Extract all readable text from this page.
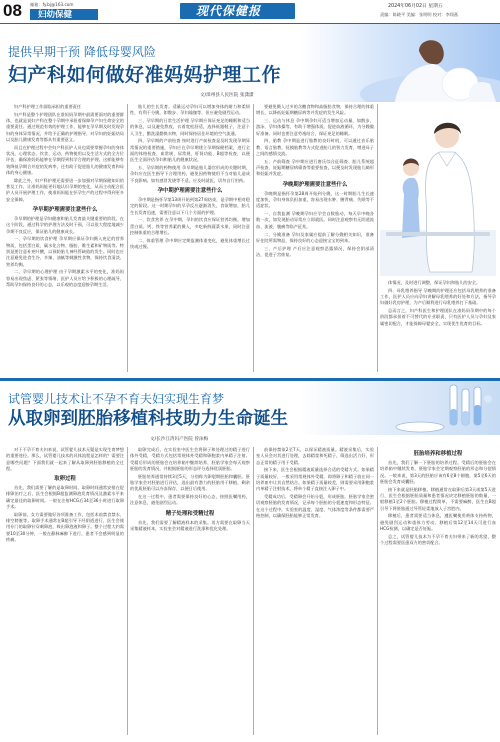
08 邮箱：fy.bj@163.com
妇幼保健	现代保健报	2024年06月02日 星期五
责编：陈晓平 美编：张明明 校对：李翔燕
提供早期干预 降低母婴风险
妇产科如何做好准妈妈护理工作
文/漳州县人民医院 张潇潇

妇产科护理工作面临承担的重要责任

妇产科是整个护理团队在准妈妈孕期中最需要面对的重要群体，也就是说妇产科在整个孕期中承担着保障孕产妇生命安全的重要责任。通过规范有效的护理工作，能够在孕早期及时发现孕妇的身体异常情况，并给予正确的护理指导，对孕妇的妊娠结局以及胎儿健康发育等都具有重要意义。

而且在护理过程中会妇产科医护人员也需要掌握孕妇的身体状况、心理状态、饮食、运动、药物使用以及生活方式的全方位评估，确保准妈妈能够在孕期得到科学合理的护理。这样能够有效降低孕期合并症的发病率，还有助于促进胎儿的健康发育和母体的身心健康。

除此之外，妇产科护理还需要进一步加强对孕期保健知识的普及工作，让准妈妈能更好地认识孕期的变化，从而主动配合医护人员开展护理工作，使准妈妈能在怀孕生产的过程中得到更多安全保障。

孕早期护理需要注意些什么

孕早期的护理是孕妇健康和胎儿发育最关键重要的阶段。在这个阶段，通过科学的护理方法及时干预，可以很大程度地减少孕期不良反应，保证胎儿的健康成长。

一、孕早期的饮食护理 孕早期应保证孕妇摄入充足的营养物质，包括蛋白质、碳水化合物、脂肪、维生素和矿物质等。特别是要注意补充叶酸，以预防胎儿神经管缺陷的发生。同时也应注意避免进食生冷、辛辣、油腻等刺激性食物，保持饮食清淡、营养均衡。

二、孕早期的心理护理 由于孕期激素水平的变化，准妈妈容易出现焦虑、紧张等情绪，医护人员应给予积极的心理疏导，帮助孕妇保持良好的心态，以乐观的态度迎接孕期生活。

胎儿的生长发育。适量运动孕妇可以增加身体的耐力和柔韧性，有利于分娩，如散步、孕妇瑜伽等，但应避免剧烈运动。

三、孕早期的日常生活护理 孕早期应保证充足的睡眠和适当的休息，以及避免熬夜，衣着宽松舒适，选择低跟鞋子，注意个人卫生，勤洗澡勤换衣物，同时保持居住环境的空气流通。

四、孕早期的产前检查 按时进行产前检查是及时发现孕期异常情况的重要措施，孕妇应在孕早期建立孕期保健档案，进行全面的体格检查、血常规、尿常规、肝肾功能、B超等检查，以便医生全面评估孕妇和胎儿的健康状况。

五、孕早期的药物使用 孕早期是胎儿器官形成的关键时期，孕妇应在医生指导下合理用药，避免因药物使用不当对胎儿造成不良影响。如有感冒发烧等不适，应及时就医，切勿自行用药。

孕中期护理需要注意些什么

孕中期是指怀孕第13周开始到第27周结束，是孕期中相对稳定的阶段。这一时期孕妇的早孕反应逐渐消失，食欲增加，胎儿生长发育迅速，需要注意以下几个方面的护理。

一、饮食营养 在孕中期，孕妇的饮食应保证营养均衡，增加蛋白质、钙、铁等营养素的摄入，多吃新鲜蔬菜水果，同时注意控制体重的合理增长。

二、体重管理 孕中期应定期监测体重变化，避免体重增长过快或过慢。

要避免摄入过多的含糖食物和高脂肪食物，保持合理的体重增长，以降低妊娠期糖尿病等并发症的发生风险。

三、运动与休息 孕中期孕妇可适当增加运动量，如散步、游泳、孕妇体操等，有助于增强体质，促进血液循环，为分娩做好准备。同时也要注意劳逸结合，保证充足的睡眠。

四、胎教 孕中期是进行胎教的良好时机，可以通过音乐胎教、语言胎教、抚摸胎教等方式促进胎儿的智力发育，增进母子之间的感情交流。

五、产前筛查 孕中期应进行唐氏综合征筛查、胎儿系统超声检查、妊娠期糖尿病筛查等重要检查，以便及时发现胎儿畸形和妊娠并发症。

孕晚期护理需要注意些什么

孕晚期是指怀孕第28周开始到分娩，这一时期胎儿生长速度加快，孕妇身体负担加重，容易出现水肿、腰背痛、失眠等不适症状。

一、自我监测 孕晚期孕妇应学会自数胎动，每天早中晚各数一次，如发现胎动异常应立即就医。同时注意观察有无阴道流血、流液、腹痛等临产征兆。

二、分娩准备 孕妇及家属应提前了解分娩相关知识，准备好住院所需物品，保持良好的心态迎接宝宝的到来。

三、产后护理 产后应注意观察恶露情况，保持会阴部清洁，促进子宫恢复。

体情况，及时进行调整，保证孕妇和胎儿的安全。

四、母乳喂养指导 孕晚期的护理还应包括母乳喂养的准备工作，医护人员应向孕妇讲解母乳喂养的好处和方法，指导孕妇做好乳房护理，为产后顺利进行母乳喂养打下基础。

总而言之，妇产科医生和护理团队在准妈妈孕期中的每个阶段都承担着不可替代的专业职责，只有医护人员与孕妇及家属密切配合，才能保障母婴安全，实现优生优育的目标。

试管婴儿技术让不孕不育夫妇实现生育梦
从取卵到胚胎移植科技助力生命诞生
文/长沙江湾妇产医院 曾泳梅

对于不孕不育夫妇来说，试管婴儿技术无疑是实现生育梦想的重要途径。那么，试管婴儿技术的具体流程是怎样的？需要注意哪些问题？下面我们就一起来了解从取卵到胚胎移植的全过程。

取卵过程

首先，我们需要了解的是取卵时间。取卵时间通常安排在促排卵治疗之后，医生会根据B超监测卵泡发育情况及激素水平来确定最佳的取卵时间。一般在注射HCG后34至36小时进行取卵手术。

取卵前，女方需要做好各项准备工作，包括术前禁食禁水、排空膀胱等。取卵手术通常在B超引导下经阴道进行，医生会使用专门的取卵针穿刺卵泡，吸出卵泡液和卵子。整个过程大约需要10至30分钟，一般在静脉麻醉下进行，患者不会感到明显的疼痛。

取卵完成后，在实验室中医生会将卵子和处理过的精子进行体外受精，受精方式包括常规体外受精和卵胞浆内单精子注射。受精后形成的胚胎会在培养箱中继续培养，胚胎学家会每天观察胚胎的发育情况，并根据胚胎的形态评分选择优质胚胎。

胚胎培养通常持续3至5天，分别称为卵裂期胚胎和囊胚。胚胎学家会对胚胎进行评估，选出最有潜力的胚胎用于移植，剩余的优质胚胎可以冷冻保存，以便日后使用。

在这一过程中，患者需要保持良好的心态，按照医嘱用药，注意休息，避免剧烈运动。

精子处理和受精过程

首先，我们需要了解精液样本的采集。男方需要在取卵当天采集精液样本，实验室会对精液进行洗涤和优化处理。

前保持禁欲2至7天，以保证精液质量。精液采集后，实验室人员会对其进行处理，去除精浆和死精子，筛选出活力好、形态正常的精子用于受精。

接下来，医生会根据精液质量选择合适的受精方式。如果精子质量较好，一般采用常规体外受精，即将卵子和精子放在同一培养皿中让其自然结合。如果精子质量较差，则需要采用卵胞浆内单精子注射技术，将单个精子直接注入卵子中。

受精成功后，受精卵会开始分裂，形成胚胎。胚胎学家会密切观察胚胎的发育情况，记录每个胚胎的分裂速度和形态特征。在这个过程中，实验室的温度、湿度、气体浓度等条件都需要严格控制，以确保胚胎能够正常发育。

胚胎培养和移植过程

首先，我们了解一下胚胎的培养过程。受精后的胚胎会在培养箱中继续发育，胚胎学家会定期观察胚胎的形态和分裂情况。一般来说，第3天的胚胎应该有6至8个细胞，第5至6天的胚胎会发育成囊胚。

接下来就是胚胎移植。移植通常在取卵后第3天或第5天进行，医生会根据胚胎质量和患者情况决定移植胚胎的数量，一般移植1至2个胚胎。移植过程简单，不需要麻醉，医生在B超引导下将胚胎通过导管轻柔地放入子宫腔内。

移植后，患者需要适当休息，遵医嘱使用黄体支持药物，避免剧烈运动和重体力劳动。移植后第12至14天可进行血HCG检测，以确定是否妊娠。

总之，试管婴儿技术为不孕不育夫妇带来了新的希望，整个过程需要医患双方的密切配合。
